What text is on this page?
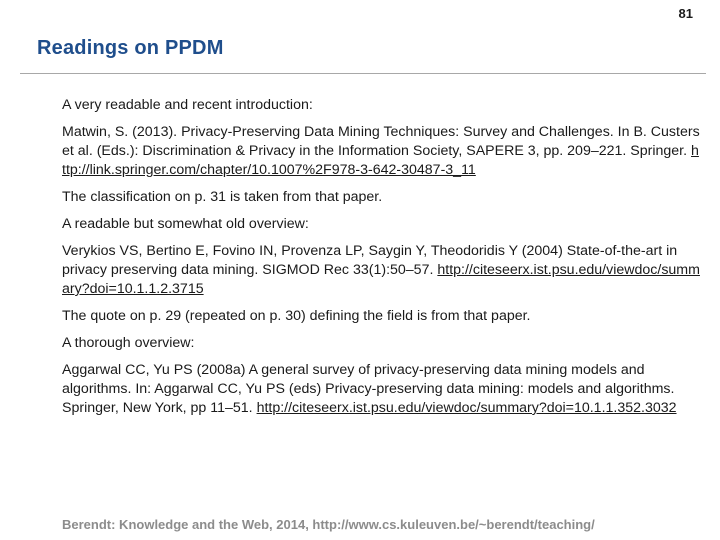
81
Readings on PPDM

A very readable and recent introduction:

Matwin, S. (2013). Privacy-Preserving Data Mining Techniques: Survey and Challenges. In B. Custers et al. (Eds.): Discrimination & Privacy in the Information Society, SAPERE 3, pp. 209–221. Springer. http://link.springer.com/chapter/10.1007%2F978-3-642-30487-3_11

The classification on p. 31 is taken from that paper.

A readable but somewhat old overview:

Verykios VS, Bertino E, Fovino IN, Provenza LP, Saygin Y, Theodoridis Y (2004) State-of-the-art in privacy preserving data mining. SIGMOD Rec 33(1):50–57. http://citeseerx.ist.psu.edu/viewdoc/summary?doi=10.1.1.2.3715

The quote on p. 29 (repeated on p. 30) defining the field is from that paper.

A thorough overview:

Aggarwal CC, Yu PS (2008a) A general survey of privacy-preserving data mining models and algorithms. In: Aggarwal CC, Yu PS (eds) Privacy-preserving data mining: models and algorithms. Springer, New York, pp 11–51. http://citeseerx.ist.psu.edu/viewdoc/summary?doi=10.1.1.352.3032

Berendt: Knowledge and the Web, 2014, http://www.cs.kuleuven.be/~berendt/teaching/
